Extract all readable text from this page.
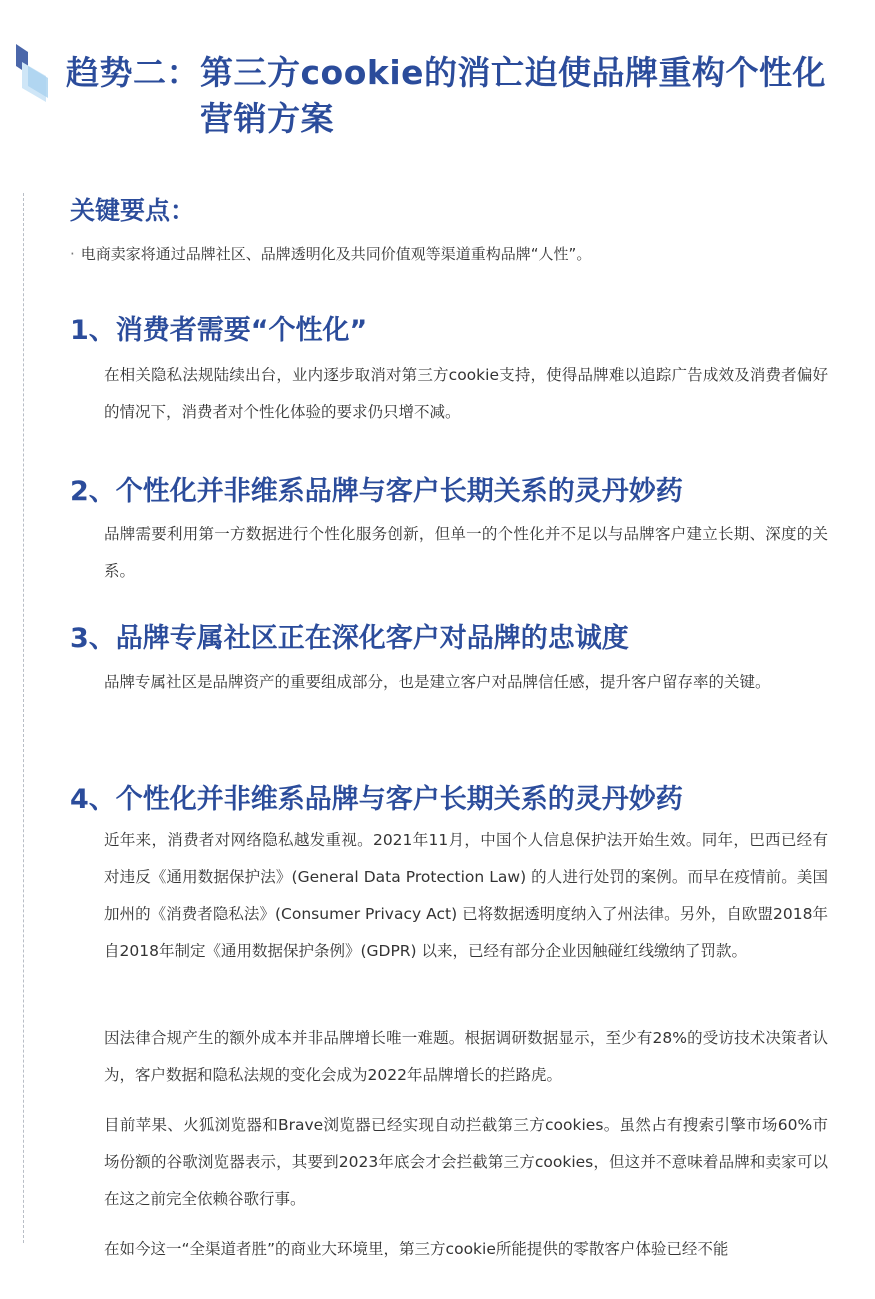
趋势二：第三方cookie的消亡迫使品牌重构个性化营销方案
关键要点：
· 电商卖家将通过品牌社区、品牌透明化及共同价值观等渠道重构品牌“人性”。
1、消费者需要“个性化”

在相关隐私法规陆续出台，业内逐步取消对第三方cookie支持，使得品牌难以追踪广告成效及消费者偏好的情况下，消费者对个性化体验的要求仍只增不减。

2、个性化并非维系品牌与客户长期关系的灵丹妙药

品牌需要利用第一方数据进行个性化服务创新，但单一的个性化并不足以与品牌客户建立长期、深度的关系。

3、品牌专属社区正在深化客户对品牌的忠诚度

品牌专属社区是品牌资产的重要组成部分，也是建立客户对品牌信任感，提升客户留存率的关键。

4、个性化并非维系品牌与客户长期关系的灵丹妙药

近年来，消费者对网络隐私越发重视。2021年11月，中国个人信息保护法开始生效。同年，巴西已经有对违反《通用数据保护法》(General Data Protection Law) 的人进行处罚的案例。而早在疫情前。美国加州的《消费者隐私法》(Consumer Privacy Act) 已将数据透明度纳入了州法律。另外，自欧盟2018年自2018年制定《通用数据保护条例》(GDPR) 以来，已经有部分企业因触碰红线缴纳了罚款。

因法律合规产生的额外成本并非品牌增长唯一难题。根据调研数据显示，至少有28%的受访技术决策者认为，客户数据和隐私法规的变化会成为2022年品牌增长的拦路虎。

目前苹果、火狐浏览器和Brave浏览器已经实现自动拦截第三方cookies。虽然占有搜索引擎市场60%市场份额的谷歌浏览器表示，其要到2023年底会才会拦截第三方cookies，但这并不意味着品牌和卖家可以在这之前完全依赖谷歌行事。

在如今这一“全渠道者胜”的商业大环境里，第三方cookie所能提供的零散客户体验已经不能
